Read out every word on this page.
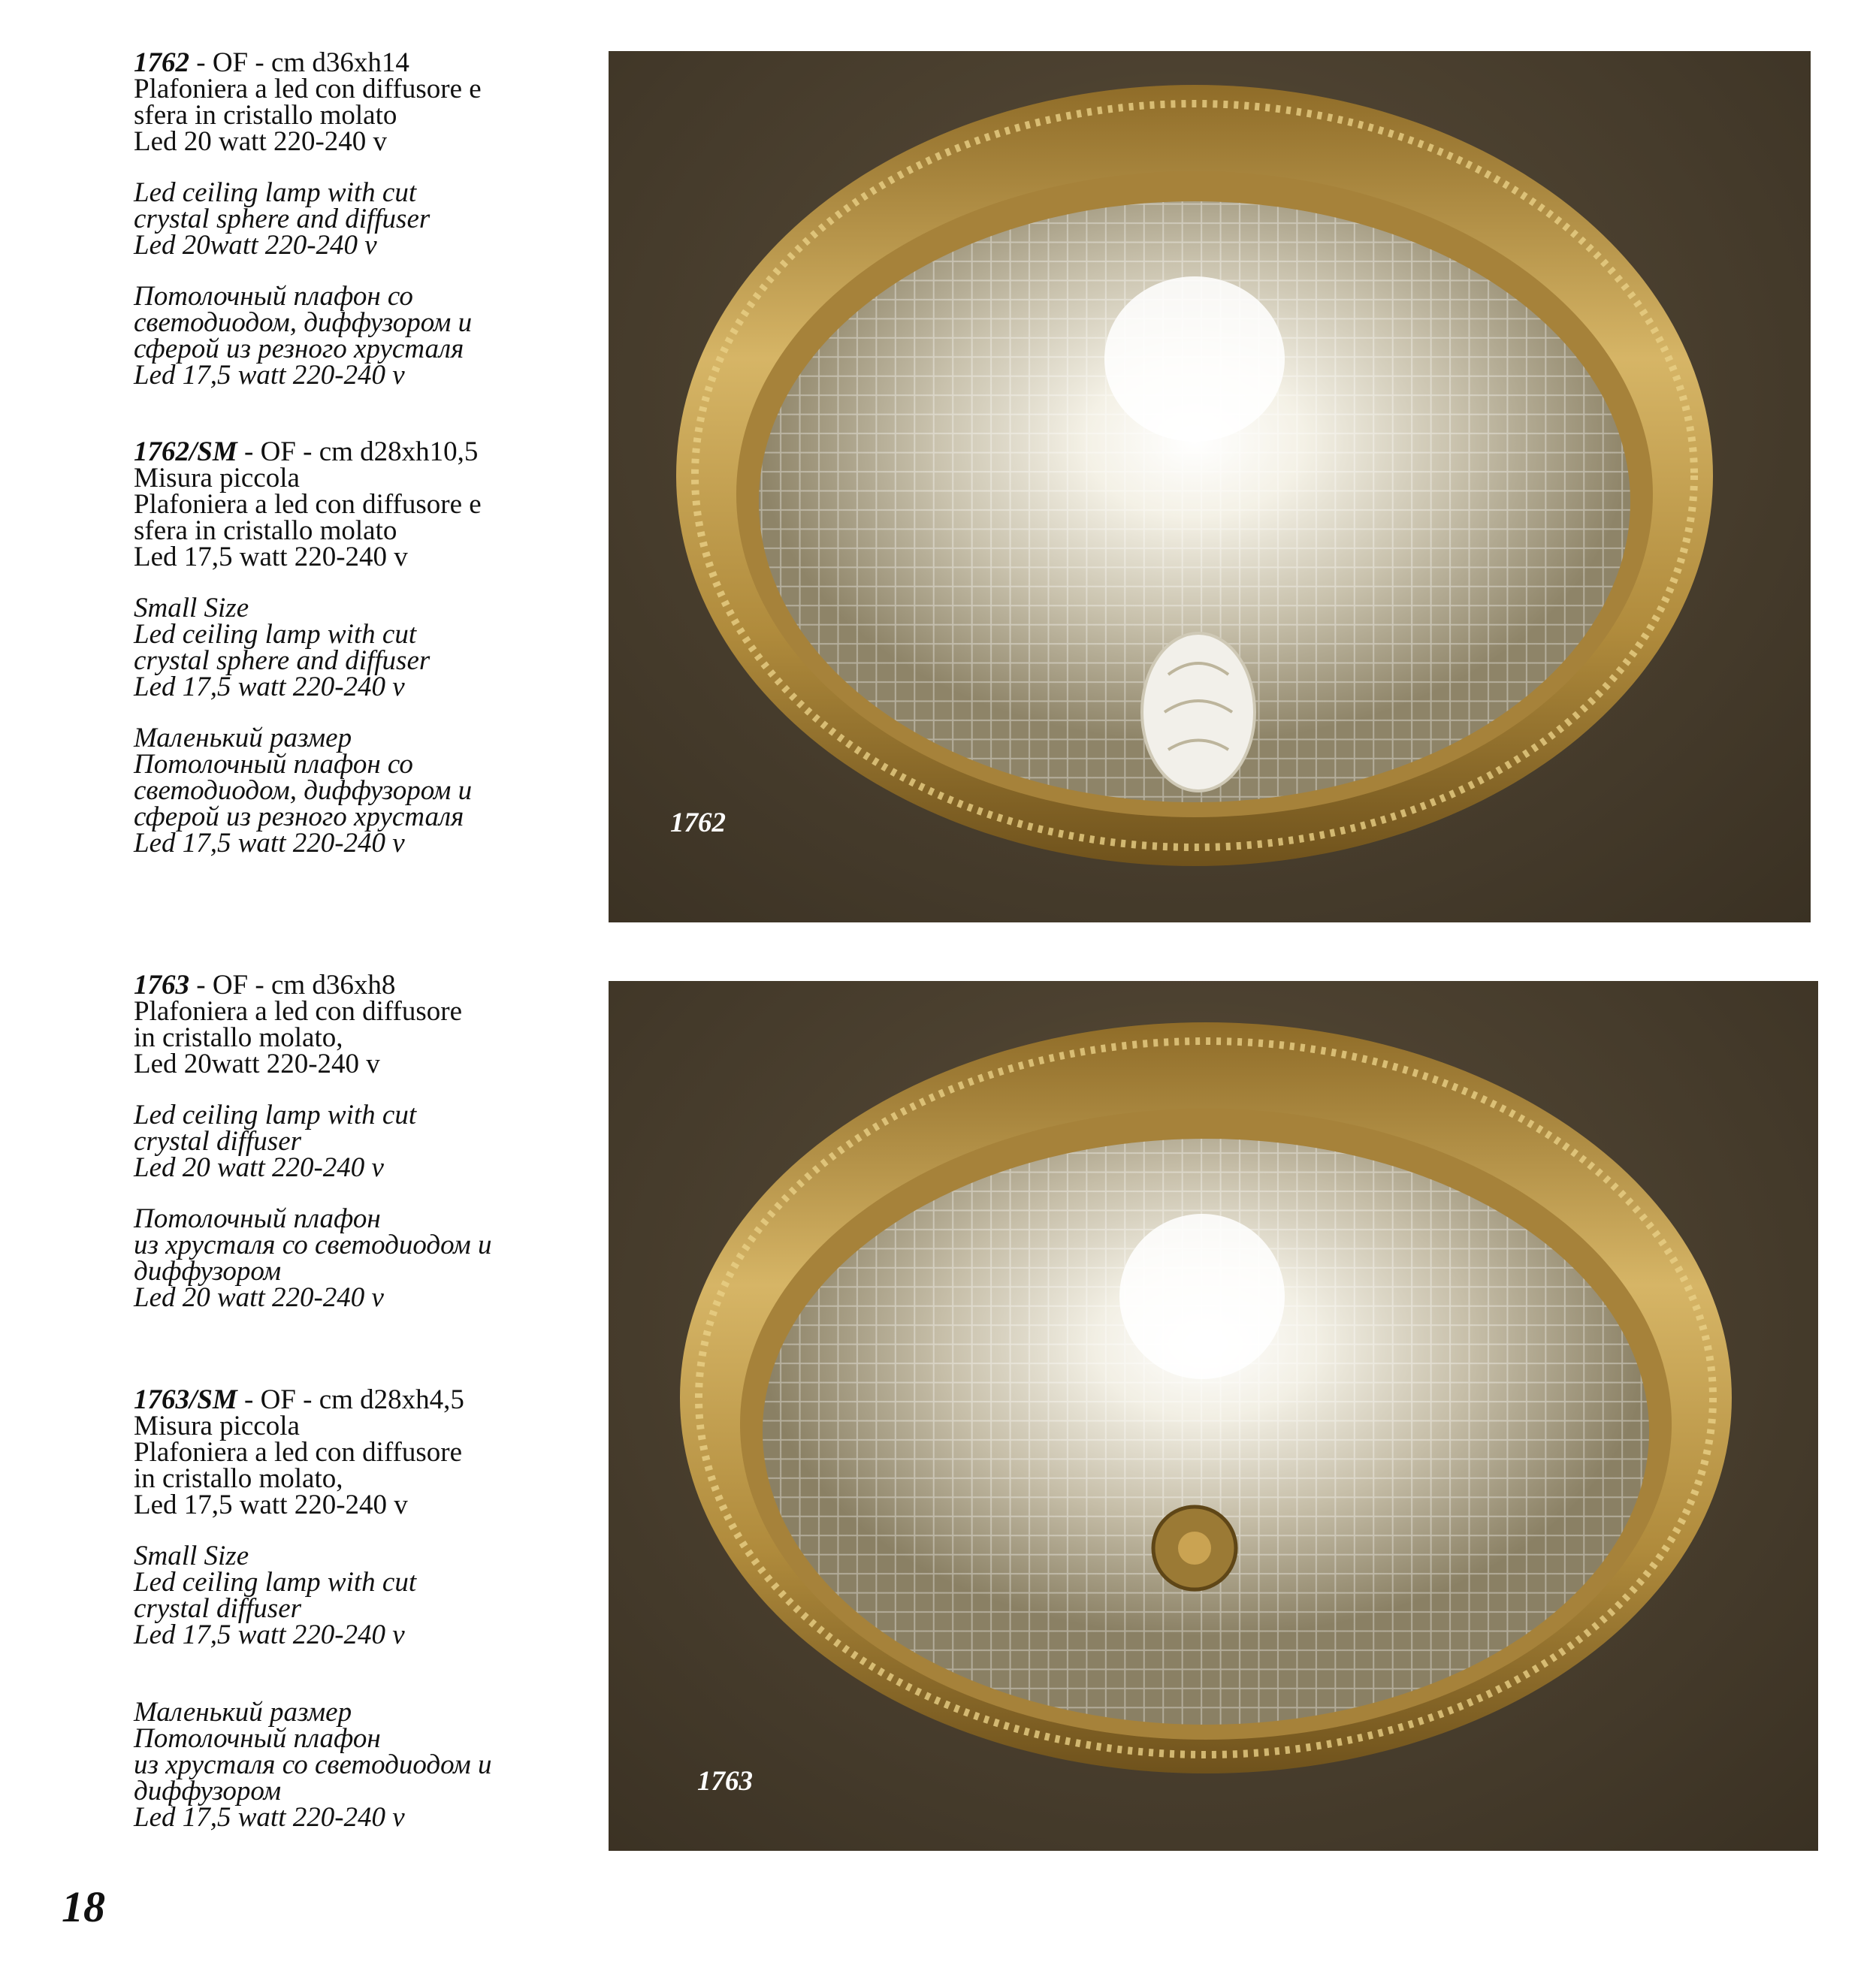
1762 - OF - cm d36xh14
Plafoniera a led con diffusore e
sfera in cristallo molato
Led 20 watt 220-240 v

Led ceiling lamp with cut
crystal sphere and diffuser
Led 20watt 220-240 v

Потолочный плафон со
светодиодом, диффузором и
сферой из резного хрусталя
Led 17,5 watt 220-240 v

1762/SM - OF - cm d28xh10,5
Misura piccola
Plafoniera a led con diffusore e
sfera in cristallo molato
Led 17,5 watt 220-240 v

Small Size
Led ceiling lamp with cut
crystal sphere and diffuser
Led 17,5 watt 220-240 v

Маленький размер
Потолочный плафон со
светодиодом, диффузором и
сферой из резного хрусталя
Led 17,5 watt 220-240 v

1763 - OF - cm d36xh8
Plafoniera a led con diffusore
in cristallo molato,
Led 20watt 220-240 v

Led ceiling lamp with cut
crystal diffuser
Led 20 watt 220-240 v

Потолочный плафон
из хрусталя со светодиодом и
диффузором
Led 20 watt 220-240 v

1763/SM - OF - cm d28xh4,5
Misura piccola
Plafoniera a led con diffusore
in cristallo molato,
Led 17,5 watt 220-240 v

Small Size
Led ceiling lamp with cut
crystal diffuser
Led 17,5 watt 220-240 v

Маленький размер
Потолочный плафон
из хрусталя со светодиодом и
диффузором
Led 17,5 watt 220-240 v

1762
1763
18
